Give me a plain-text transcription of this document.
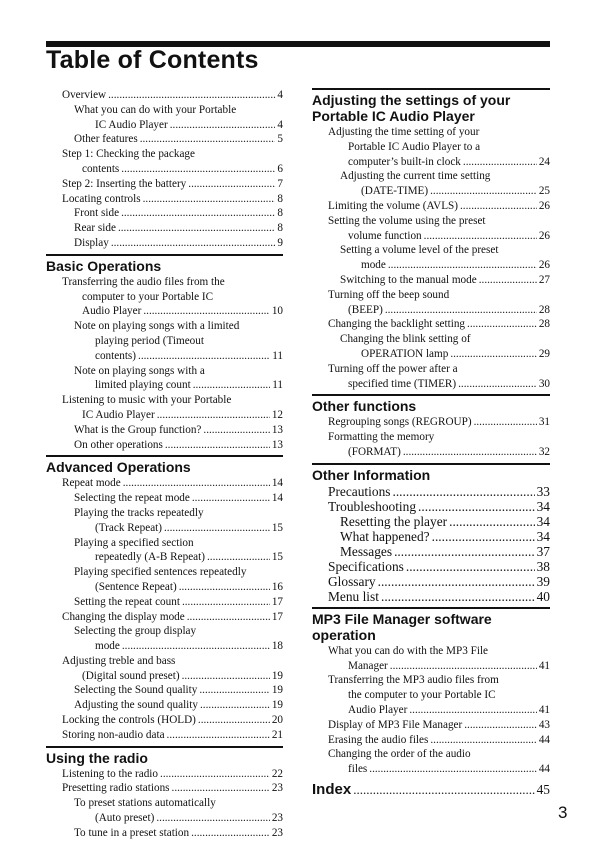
Table of Contents
Overview .....	4
What you can do with your Portable
IC Audio Player .....	4
Other features .....	5
Step 1: Checking the package
contents .....	6
Step 2: Inserting the battery .....	7
Locating controls .....	8
Front side .....	8
Rear side .....	8
Display .....	9
Basic Operations
Transferring the audio files from the
computer to your Portable IC
Audio Player .....	10
Note on playing songs with a limited
playing period (Timeout
contents) .....	11
Note on playing songs with a
limited playing count .....	11
Listening to music with your Portable
IC Audio Player .....	12
What is the Group function? .....	13
On other operations .....	13
Advanced Operations
Repeat mode .....	14
Selecting the repeat mode .....	14
Playing the tracks repeatedly
(Track Repeat) .....	15
Playing a specified section
repeatedly (A-B Repeat) .....	15
Playing specified sentences repeatedly
(Sentence Repeat) .....	16
Setting the repeat count .....	17
Changing the display mode .....	17
Selecting the group display
mode .....	18
Adjusting treble and bass
(Digital sound preset) .....	19
Selecting the Sound quality .....	19
Adjusting the sound quality .....	19
Locking the controls (HOLD) .....	20
Storing non-audio data .....	21
Using the radio
Listening to the radio .....	22
Presetting radio stations .....	23
To preset stations automatically
(Auto preset) .....	23
To tune in a preset station .....	23
Adjusting the settings of your Portable IC Audio Player
Adjusting the time setting of your
Portable IC Audio Player to a
computer’s built-in clock .....	24
Adjusting the current time setting
(DATE-TIME) .....	25
Limiting the volume (AVLS) .....	26
Setting the volume using the preset
volume function .....	26
Setting a volume level of the preset
mode .....	26
Switching to the manual mode .....	27
Turning off the beep sound
(BEEP) .....	28
Changing the backlight setting .....	28
Changing the blink setting of
OPERATION lamp .....	29
Turning off the power after a
specified time (TIMER) .....	30
Other functions
Regrouping songs (REGROUP) .....	31
Formatting the memory
(FORMAT) .....	32
Other Information
Precautions .....	33
Troubleshooting .....	34
Resetting the player .....	34
What happened? .....	34
Messages .....	37
Specifications .....	38
Glossary .....	39
Menu list .....	40
MP3 File Manager software operation
What you can do with the MP3 File
Manager .....	41
Transferring the MP3 audio files from
the computer to your Portable IC
Audio Player .....	41
Display of MP3 File Manager .....	43
Erasing the audio files .....	44
Changing the order of the audio
files .....	44
Index .....	45
3
